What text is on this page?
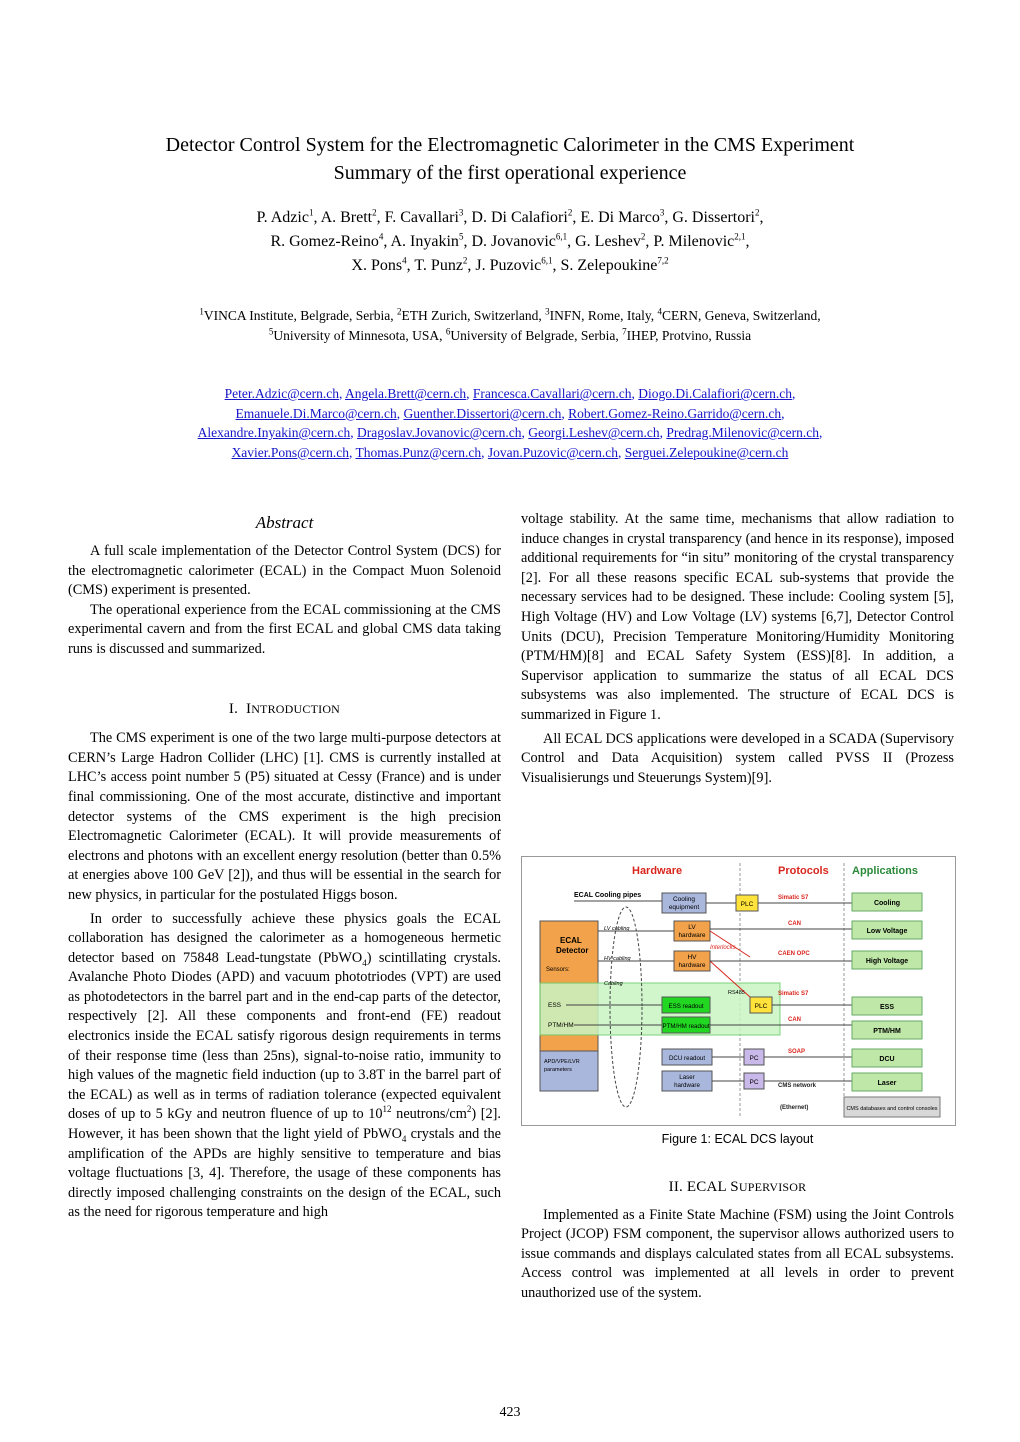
Detector Control System for the Electromagnetic Calorimeter in the CMS Experiment
Summary of the first operational experience
P. Adzic$^1$, A. Brett$^2$, F. Cavallari$^3$, D. Di Calafiori$^2$, E. Di Marco$^3$, G. Dissertori$^2$,
R. Gomez-Reino$^4$, A. Inyakin$^5$, D. Jovanovic$^{6,1}$, G. Leshev$^2$, P. Milenovic$^{2,1}$,
X. Pons$^4$, T. Punz$^2$, J. Puzovic$^{6,1}$, S. Zelepoukine$^{7,2}$
$^1$VINCA Institute, Belgrade, Serbia, $^2$ETH Zurich, Switzerland, $^3$INFN, Rome, Italy, $^4$CERN, Geneva, Switzerland,
$^5$University of Minnesota, USA, $^6$University of Belgrade, Serbia, $^7$IHEP, Protvino, Russia
Peter.Adzic@cern.ch, Angela.Brett@cern.ch, Francesca.Cavallari@cern.ch, Diogo.Di.Calafiori@cern.ch,
Emanuele.Di.Marco@cern.ch, Guenther.Dissertori@cern.ch, Robert.Gomez-Reino.Garrido@cern.ch,
Alexandre.Inyakin@cern.ch, Dragoslav.Jovanovic@cern.ch, Georgi.Leshev@cern.ch, Predrag.Milenovic@cern.ch,
Xavier.Pons@cern.ch, Thomas.Punz@cern.ch, Jovan.Puzovic@cern.ch, Serguei.Zelepoukine@cern.ch
Abstract

A full scale implementation of the Detector Control System (DCS) for the electromagnetic calorimeter (ECAL) in the Compact Muon Solenoid (CMS) experiment is presented.

The operational experience from the ECAL commissioning at the CMS experimental cavern and from the first ECAL and global CMS data taking runs is discussed and summarized.

I. INTRODUCTION

The CMS experiment is one of the two large multi-purpose detectors at CERN’s Large Hadron Collider (LHC) [1]. CMS is currently installed at LHC’s access point number 5 (P5) situated at Cessy (France) and is under final commissioning. One of the most accurate, distinctive and important detector systems of the CMS experiment is the high precision Electromagnetic Calorimeter (ECAL). It will provide measurements of electrons and photons with an excellent energy resolution (better than 0.5% at energies above 100 GeV [2]), and thus will be essential in the search for new physics, in particular for the postulated Higgs boson.

In order to successfully achieve these physics goals the ECAL collaboration has designed the calorimeter as a homogeneous hermetic detector based on 75848 Lead-tungstate (PbWO$_4$) scintillating crystals. Avalanche Photo Diodes (APD) and vacuum phototriodes (VPT) are used as photodetectors in the barrel part and in the end-cap parts of the detector, respectively [2]. All these components and front-end (FE) readout electronics inside the ECAL satisfy rigorous design requirements in terms of their response time (less than 25ns), signal-to-noise ratio, immunity to high values of the magnetic field induction (up to 3.8T in the barrel part of the ECAL) as well as in terms of radiation tolerance (expected equivalent doses of up to 5 kGy and neutron fluence of up to $10^{12}$ neutrons/$cm^2$) [2]. However, it has been shown that the light yield of PbWO$_4$ crystals and the amplification of the APDs are highly sensitive to temperature and bias voltage fluctuations [3, 4]. Therefore, the usage of these components has directly imposed challenging constraints on the design of the ECAL, such as the need for rigorous temperature and high

voltage stability. At the same time, mechanisms that allow radiation to induce changes in crystal transparency (and hence in its response), imposed additional requirements for “in situ” monitoring of the crystal transparency [2]. For all these reasons specific ECAL sub-systems that provide the necessary services had to be designed. These include: Cooling system [5], High Voltage (HV) and Low Voltage (LV) systems [6,7], Detector Control Units (DCU), Precision Temperature Monitoring/Humidity Monitoring (PTM/HM)[8] and ECAL Safety System (ESS)[8]. In addition, a Supervisor application to summarize the status of all ECAL DCS subsystems was also implemented. The structure of ECAL DCS is summarized in Figure 1.

All ECAL DCS applications were developed in a SCADA (Supervisory Control and Data Acquisition) system called PVSS II (Prozess Visualisierungs und Steuerungs System)[9].

Hardware	Protocols Applications
ECAL Cooling pipes
Cooling
equipment	PLC
LV
hardware
HV
hardware
ECAL
Detector
Sensors:
ESS
PTM/HM
ESS readout
PTM/HM readout
PLC
RS485
LV cabling
HV cabling
Cabling
Interlocks
APD/VPE/LVR
parameters
DCU readout
Laser
hardware
PC
PC
Simatic S7
CAN
CAEN OPC
Simatic S7
CAN
SOAP
CMS network
(Ethernet)
Cooling
Low Voltage
High Voltage
ESS
PTM/HM
DCU
Laser
CMS databases and control consoles
Figure 1: ECAL DCS layout
II. ECAL SUPERVISOR

Implemented as a Finite State Machine (FSM) using the Joint Controls Project (JCOP) FSM component, the supervisor allows authorized users to issue commands and displays calculated states from all ECAL subsystems. Access control was implemented at all levels in order to prevent unauthorized use of the system.

423
